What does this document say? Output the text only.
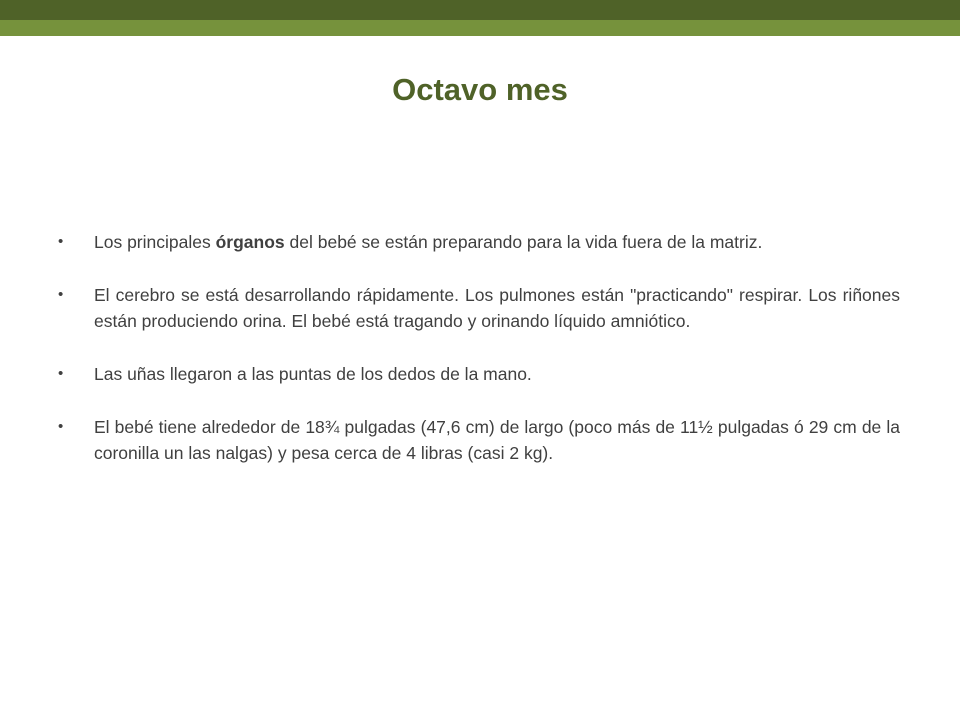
Octavo mes
•	Los principales órganos del bebé se están preparando para la vida fuera de la matriz.
•	El cerebro se está desarrollando rápidamente. Los pulmones están "practicando" respirar. Los riñones están produciendo orina. El bebé está tragando y orinando líquido amniótico.
•	Las uñas llegaron a las puntas de los dedos de la mano.
•	El bebé tiene alrededor de 18¾ pulgadas (47,6 cm) de largo (poco más de 11½ pulgadas ó 29 cm de la coronilla un las nalgas) y pesa cerca de 4 libras (casi 2 kg).
